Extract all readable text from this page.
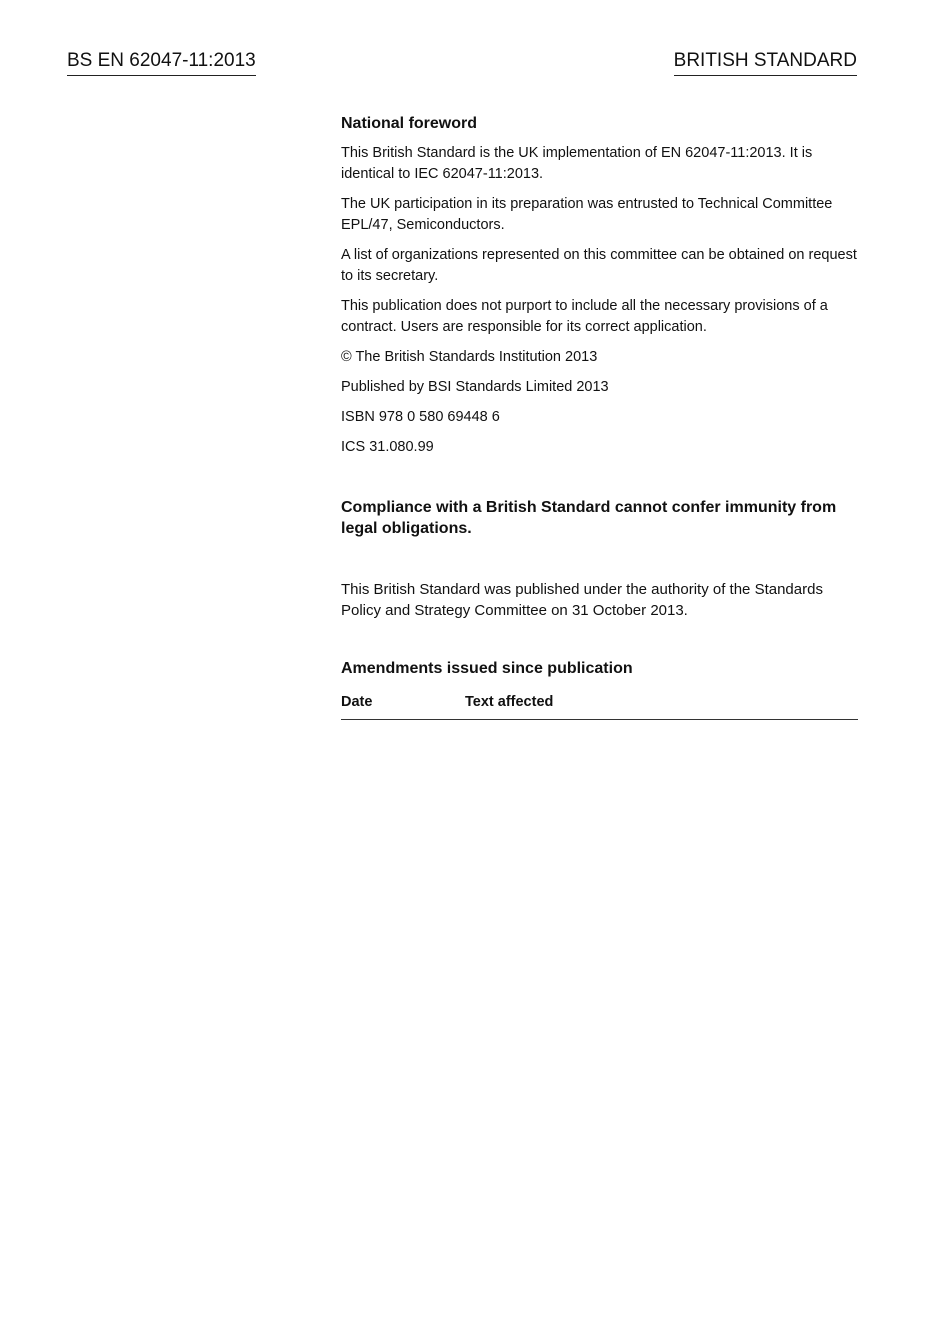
BS EN 62047-11:2013	BRITISH STANDARD
National foreword
This British Standard is the UK implementation of EN 62047-11:2013. It is identical to IEC 62047-11:2013.
The UK participation in its preparation was entrusted to Technical Committee EPL/47, Semiconductors.
A list of organizations represented on this committee can be obtained on request to its secretary.
This publication does not purport to include all the necessary provisions of a contract. Users are responsible for its correct application.
© The British Standards Institution 2013
Published by BSI Standards Limited 2013
ISBN 978 0 580 69448 6
ICS 31.080.99
Compliance with a British Standard cannot confer immunity from legal obligations.
This British Standard was published under the authority of the Standards Policy and Strategy Committee on 31 October 2013.
Amendments issued since publication
Date	Text affected
